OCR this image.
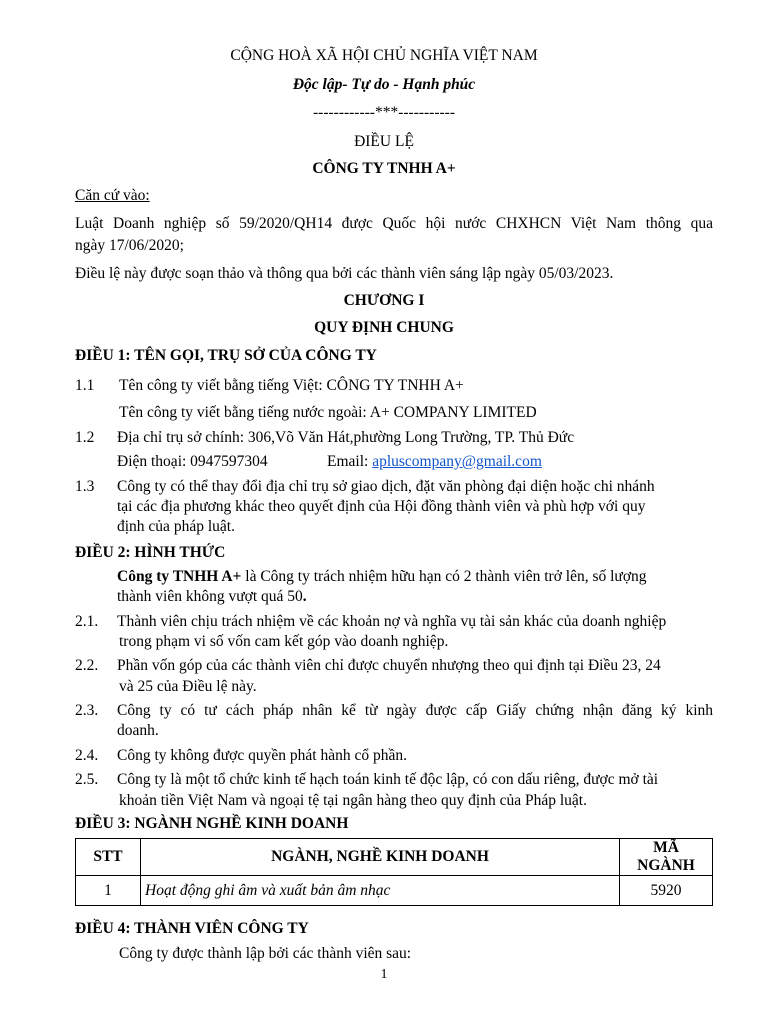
CỘNG HOÀ XÃ HỘI CHỦ NGHĨA VIỆT NAM
Độc lập- Tự do - Hạnh phúc
------------***-----------
ĐIỀU LỆ
CÔNG TY TNHH A+
Căn cứ vào:
Luật Doanh nghiệp số 59/2020/QH14 được Quốc hội nước CHXHCN Việt Nam thông qua
ngày 17/06/2020;
Điều lệ này được soạn thảo và thông qua bởi các thành viên sáng lập ngày 05/03/2023.
CHƯƠNG I
QUY ĐỊNH CHUNG
ĐIỀU 1: TÊN GỌI, TRỤ SỞ CỦA CÔNG TY
1.1 Tên công ty viết bằng tiếng Việt: CÔNG TY TNHH A+
Tên công ty viết bằng tiếng nước ngoài: A+ COMPANY LIMITED
1.2 Địa chỉ trụ sở chính: 306,Võ Văn Hát,phường Long Trường, TP. Thủ Đức
Điện thoại: 0947597304	Email: apluscompany@gmail.com
1.3 Công ty có thể thay đổi địa chỉ trụ sở giao dịch, đặt văn phòng đại diện hoặc chi nhánh
tại các địa phương khác theo quyết định của Hội đồng thành viên và phù hợp với quy
định của pháp luật.
ĐIỀU 2: HÌNH THỨC
Công ty TNHH A+ là Công ty trách nhiệm hữu hạn có 2 thành viên trở lên, số lượng
thành viên không vượt quá 50.
2.1. Thành viên chịu trách nhiệm về các khoản nợ và nghĩa vụ tài sản khác của doanh nghiệp
trong phạm vi số vốn cam kết góp vào doanh nghiệp.
2.2. Phần vốn góp của các thành viên chỉ được chuyển nhượng theo qui định tại Điều 23, 24
và 25 của Điều lệ này.
2.3. Công ty có tư cách pháp nhân kể từ ngày được cấp Giấy chứng nhận đăng ký kinh
doanh.
2.4. Công ty không được quyền phát hành cổ phần.
2.5. Công ty là một tổ chức kinh tế hạch toán kinh tế độc lập, có con dấu riêng, được mở tài
khoản tiền Việt Nam và ngoại tệ tại ngân hàng theo quy định của Pháp luật.
ĐIỀU 3: NGÀNH NGHỀ KINH DOANH
STT	NGÀNH, NGHỀ KINH DOANH	MÃ NGÀNH
1	Hoạt động ghi âm và xuất bản âm nhạc	5920
ĐIỀU 4: THÀNH VIÊN CÔNG TY
Công ty được thành lập bởi các thành viên sau:
1
